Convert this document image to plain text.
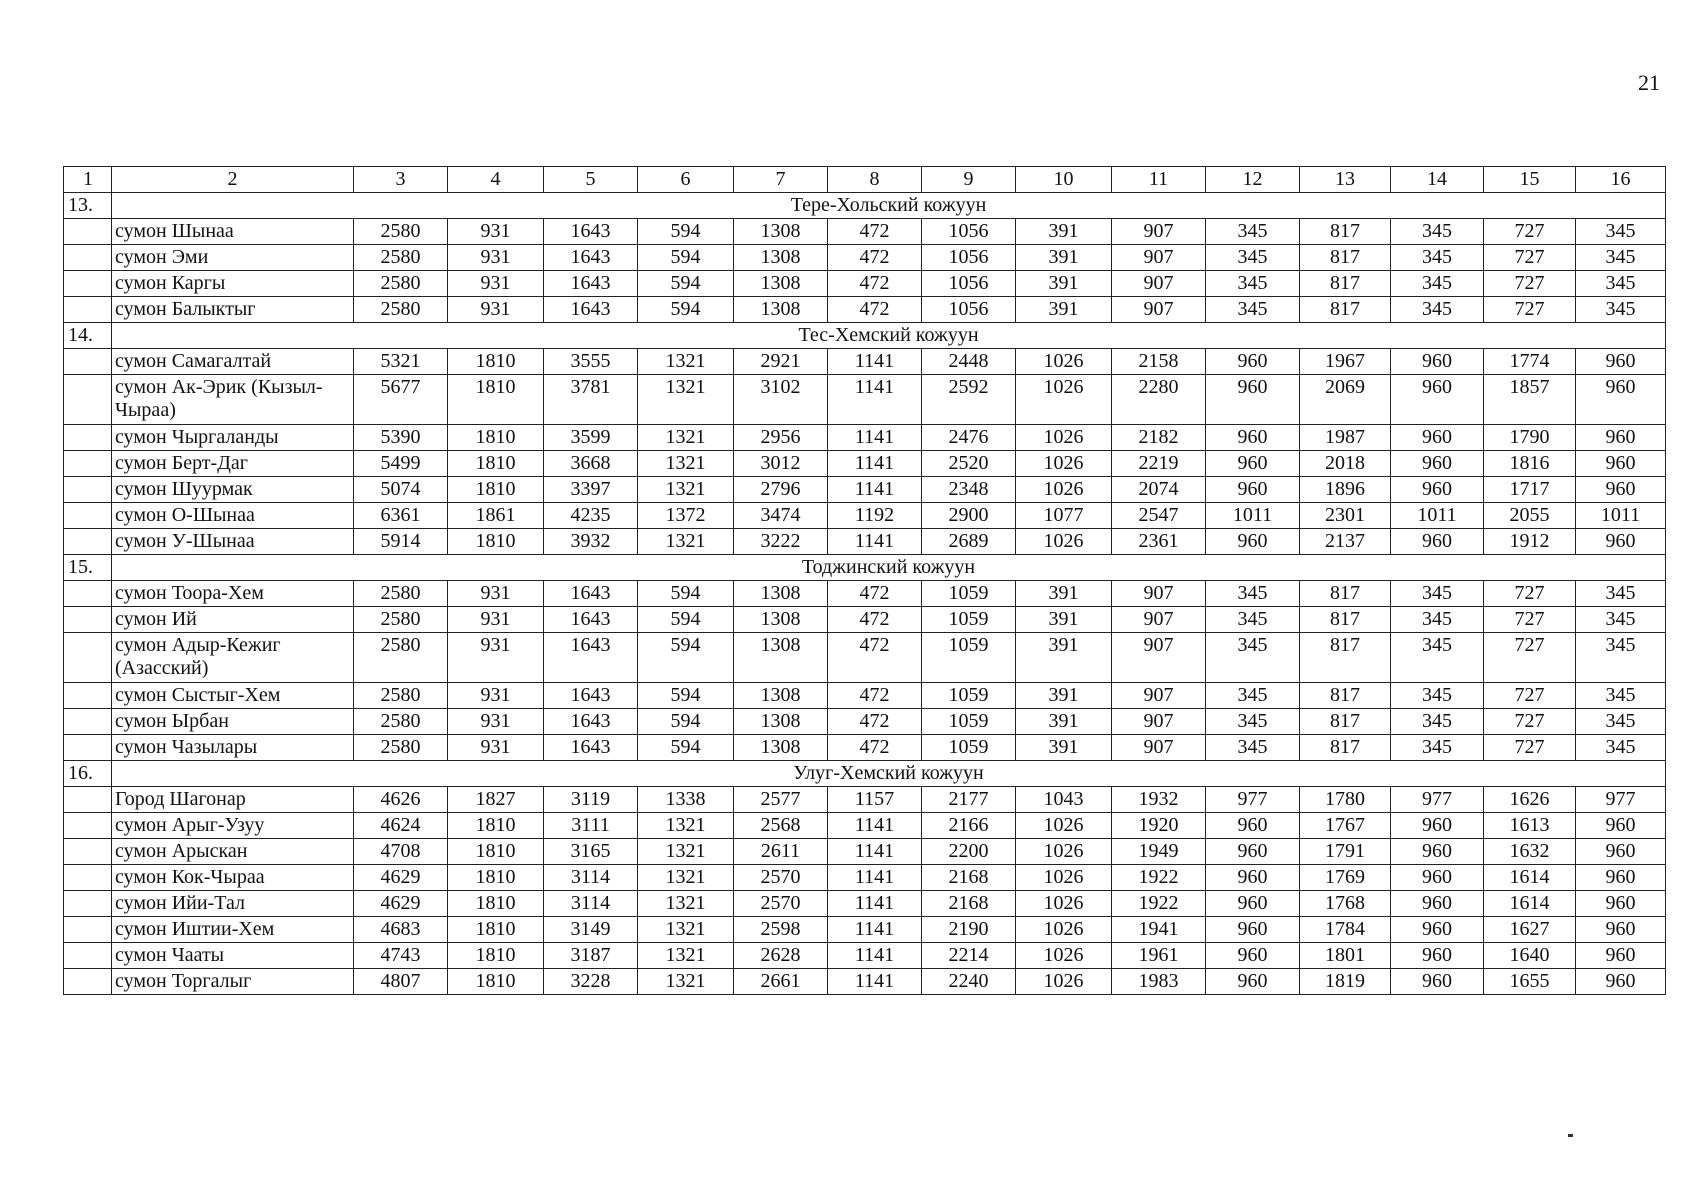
21
1	2	3	4	5	6	7	8	9	10	11	12	13	14	15	16
13.	Тере-Хольский кожуун														
	сумон Шынаа	2580	931	1643	594	1308	472	1056	391	907	345	817	345	727	345
	сумон Эми	2580	931	1643	594	1308	472	1056	391	907	345	817	345	727	345
	сумон Каргы	2580	931	1643	594	1308	472	1056	391	907	345	817	345	727	345
	сумон Балыктыг	2580	931	1643	594	1308	472	1056	391	907	345	817	345	727	345
14.	Тес-Хемский кожуун														
	сумон Самагалтай	5321	1810	3555	1321	2921	1141	2448	1026	2158	960	1967	960	1774	960
	сумон Ак-Эрик (Кызыл-Чыраа)	5677	1810	3781	1321	3102	1141	2592	1026	2280	960	2069	960	1857	960
	сумон Чыргаланды	5390	1810	3599	1321	2956	1141	2476	1026	2182	960	1987	960	1790	960
	сумон Берт-Даг	5499	1810	3668	1321	3012	1141	2520	1026	2219	960	2018	960	1816	960
	сумон Шуурмак	5074	1810	3397	1321	2796	1141	2348	1026	2074	960	1896	960	1717	960
	сумон О-Шынаа	6361	1861	4235	1372	3474	1192	2900	1077	2547	1011	2301	1011	2055	1011
	сумон У-Шынаа	5914	1810	3932	1321	3222	1141	2689	1026	2361	960	2137	960	1912	960
15.	Тоджинский кожуун														
	сумон Тоора-Хем	2580	931	1643	594	1308	472	1059	391	907	345	817	345	727	345
	сумон Ий	2580	931	1643	594	1308	472	1059	391	907	345	817	345	727	345
	сумон Адыр-Кежиг (Азасский)	2580	931	1643	594	1308	472	1059	391	907	345	817	345	727	345
	сумон Сыстыг-Хем	2580	931	1643	594	1308	472	1059	391	907	345	817	345	727	345
	сумон Ырбан	2580	931	1643	594	1308	472	1059	391	907	345	817	345	727	345
	сумон Чазылары	2580	931	1643	594	1308	472	1059	391	907	345	817	345	727	345
16.	Улуг-Хемский кожуун														
	Город Шагонар	4626	1827	3119	1338	2577	1157	2177	1043	1932	977	1780	977	1626	977
	сумон Арыг-Узуу	4624	1810	3111	1321	2568	1141	2166	1026	1920	960	1767	960	1613	960
	сумон Арыскан	4708	1810	3165	1321	2611	1141	2200	1026	1949	960	1791	960	1632	960
	сумон Кок-Чыраа	4629	1810	3114	1321	2570	1141	2168	1026	1922	960	1769	960	1614	960
	сумон Ийи-Тал	4629	1810	3114	1321	2570	1141	2168	1026	1922	960	1768	960	1614	960
	сумон Иштии-Хем	4683	1810	3149	1321	2598	1141	2190	1026	1941	960	1784	960	1627	960
	сумон Чааты	4743	1810	3187	1321	2628	1141	2214	1026	1961	960	1801	960	1640	960
	сумон Торгалыг	4807	1810	3228	1321	2661	1141	2240	1026	1983	960	1819	960	1655	960
